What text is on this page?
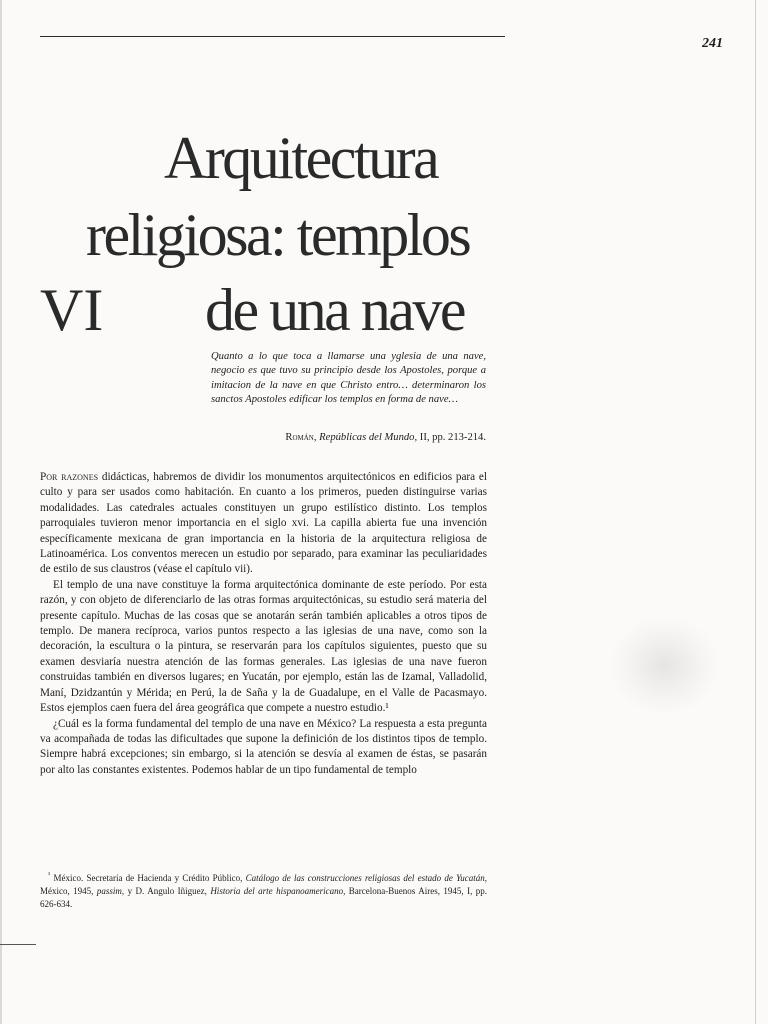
241
Arquitectura
religiosa: templos
VI de una nave

Quanto a lo que toca a llamarse una yglesia de una nave, negocio es que tuvo su principio desde los Apostoles, porque a imitacion de la nave en que Christo entro… determinaron los sanctos Apostoles edificar los templos en forma de nave…

Román, Repúblicas del Mundo, II, pp. 213-214.

Por razones didácticas, habremos de dividir los monumentos arquitectónicos en edificios para el culto y para ser usados como habitación. En cuanto a los primeros, pueden distinguirse varias modalidades. Las catedrales actuales constituyen un grupo estilístico distinto. Los templos parroquiales tuvieron menor importancia en el siglo xvi. La capilla abierta fue una invención específicamente mexicana de gran importancia en la historia de la arquitectura religiosa de Latinoamérica. Los conventos merecen un estudio por separado, para examinar las peculiaridades de estilo de sus claustros (véase el capítulo vii).

El templo de una nave constituye la forma arquitectónica dominante de este período. Por esta razón, y con objeto de diferenciarlo de las otras formas arquitectónicas, su estudio será materia del presente capítulo. Muchas de las cosas que se anotarán serán también aplicables a otros tipos de templo. De manera recíproca, varios puntos respecto a las iglesias de una nave, como son la decoración, la escultura o la pintura, se reservarán para los capítulos siguientes, puesto que su examen desviaría nuestra atención de las formas generales. Las iglesias de una nave fueron construidas también en diversos lugares; en Yucatán, por ejemplo, están las de Izamal, Valladolid, Maní, Dzidzantún y Mérida; en Perú, la de Saña y la de Guadalupe, en el Valle de Pacasmayo. Estos ejemplos caen fuera del área geográfica que compete a nuestro estudio.¹

¿Cuál es la forma fundamental del templo de una nave en México? La respuesta a esta pregunta va acompañada de todas las dificultades que supone la definición de los distintos tipos de templo. Siempre habrá excepciones; sin embargo, si la atención se desvía al examen de éstas, se pasarán por alto las constantes existentes. Podemos hablar de un tipo fundamental de templo

$^{^1}$ México. Secretaría de Hacienda y Crédito Público, Catálogo de las construcciones religiosas del estado de Yucatán, México, 1945, passim, y D. Angulo Iñiguez, Historia del arte hispanoamericano, Barcelona-Buenos Aires, 1945, I, pp. 626-634.
